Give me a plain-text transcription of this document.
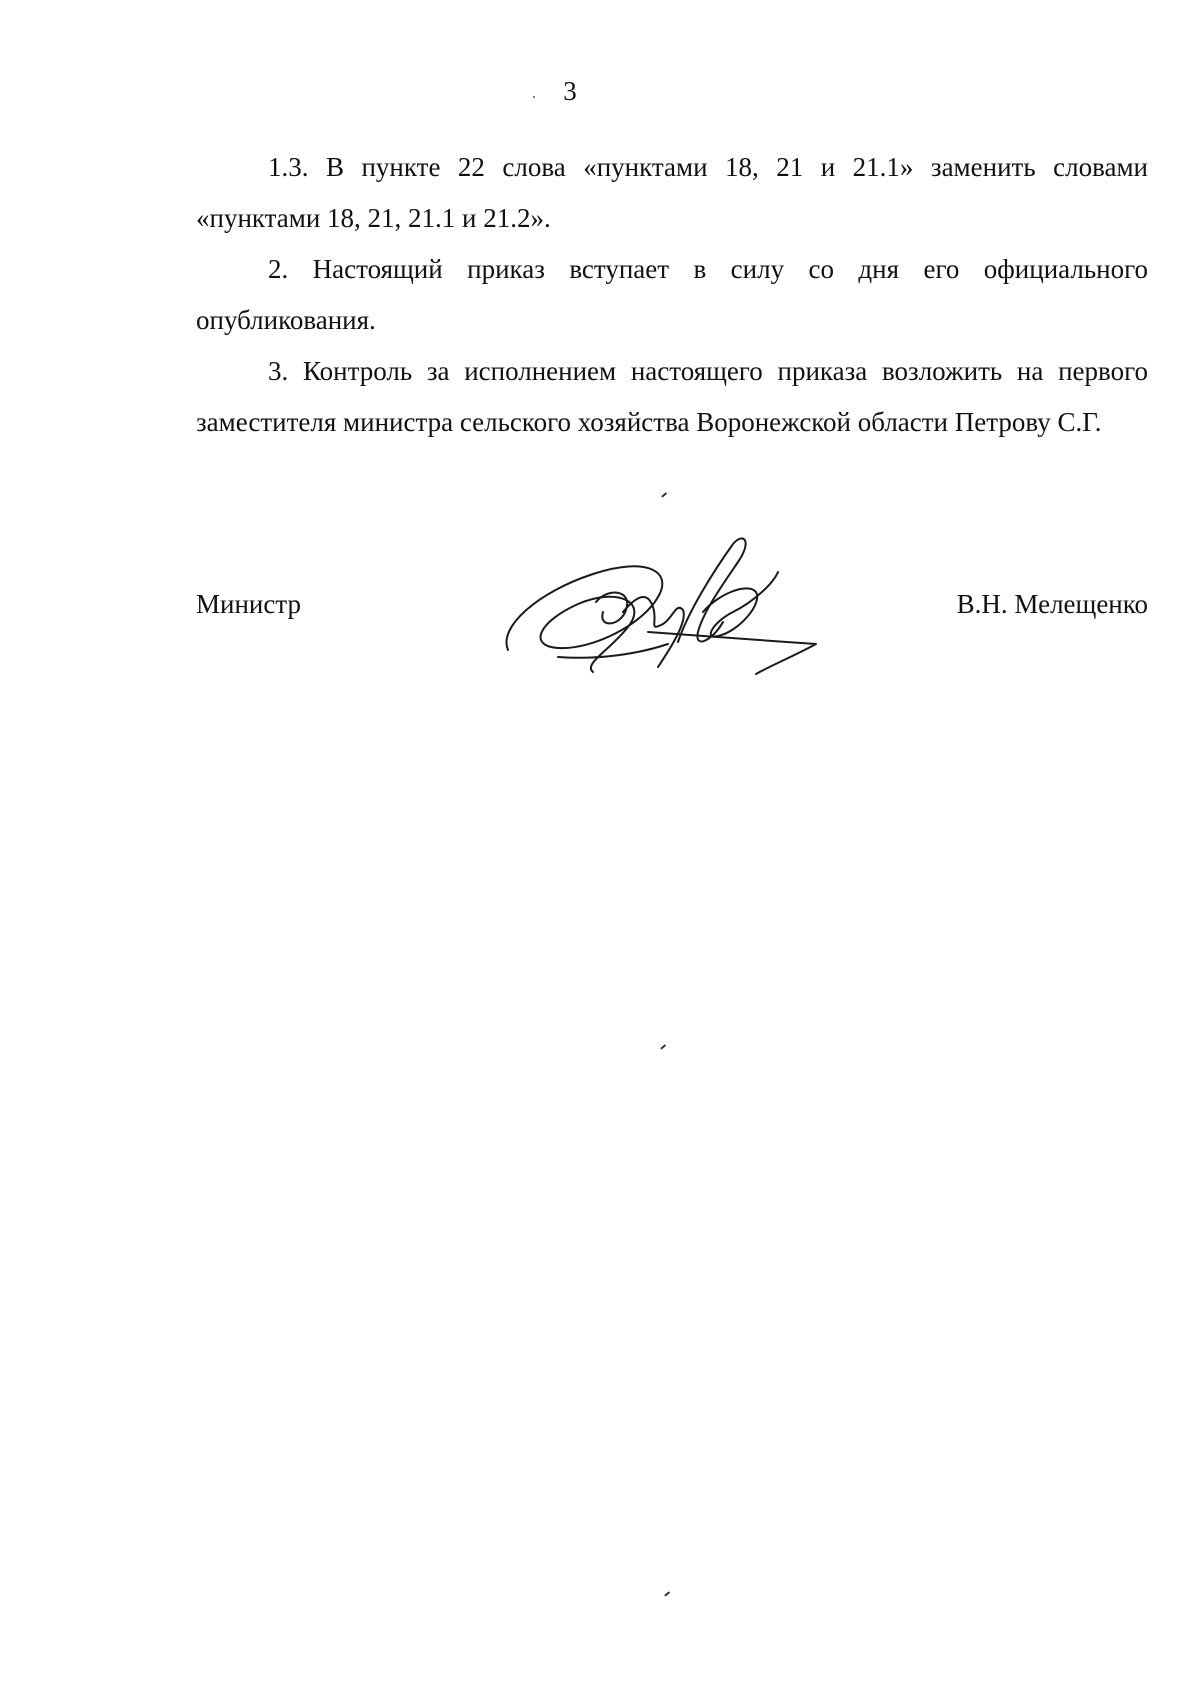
3

1.3. В пункте 22 слова «пунктами 18, 21 и 21.1» заменить словами «пунктами 18, 21, 21.1 и 21.2».

2. Настоящий приказ вступает в силу со дня его официального опубликования.

3. Контроль за исполнением настоящего приказа возложить на первого заместителя министра сельского хозяйства Воронежской области Петрову С.Г.

Министр	В.Н. Мелещенко
